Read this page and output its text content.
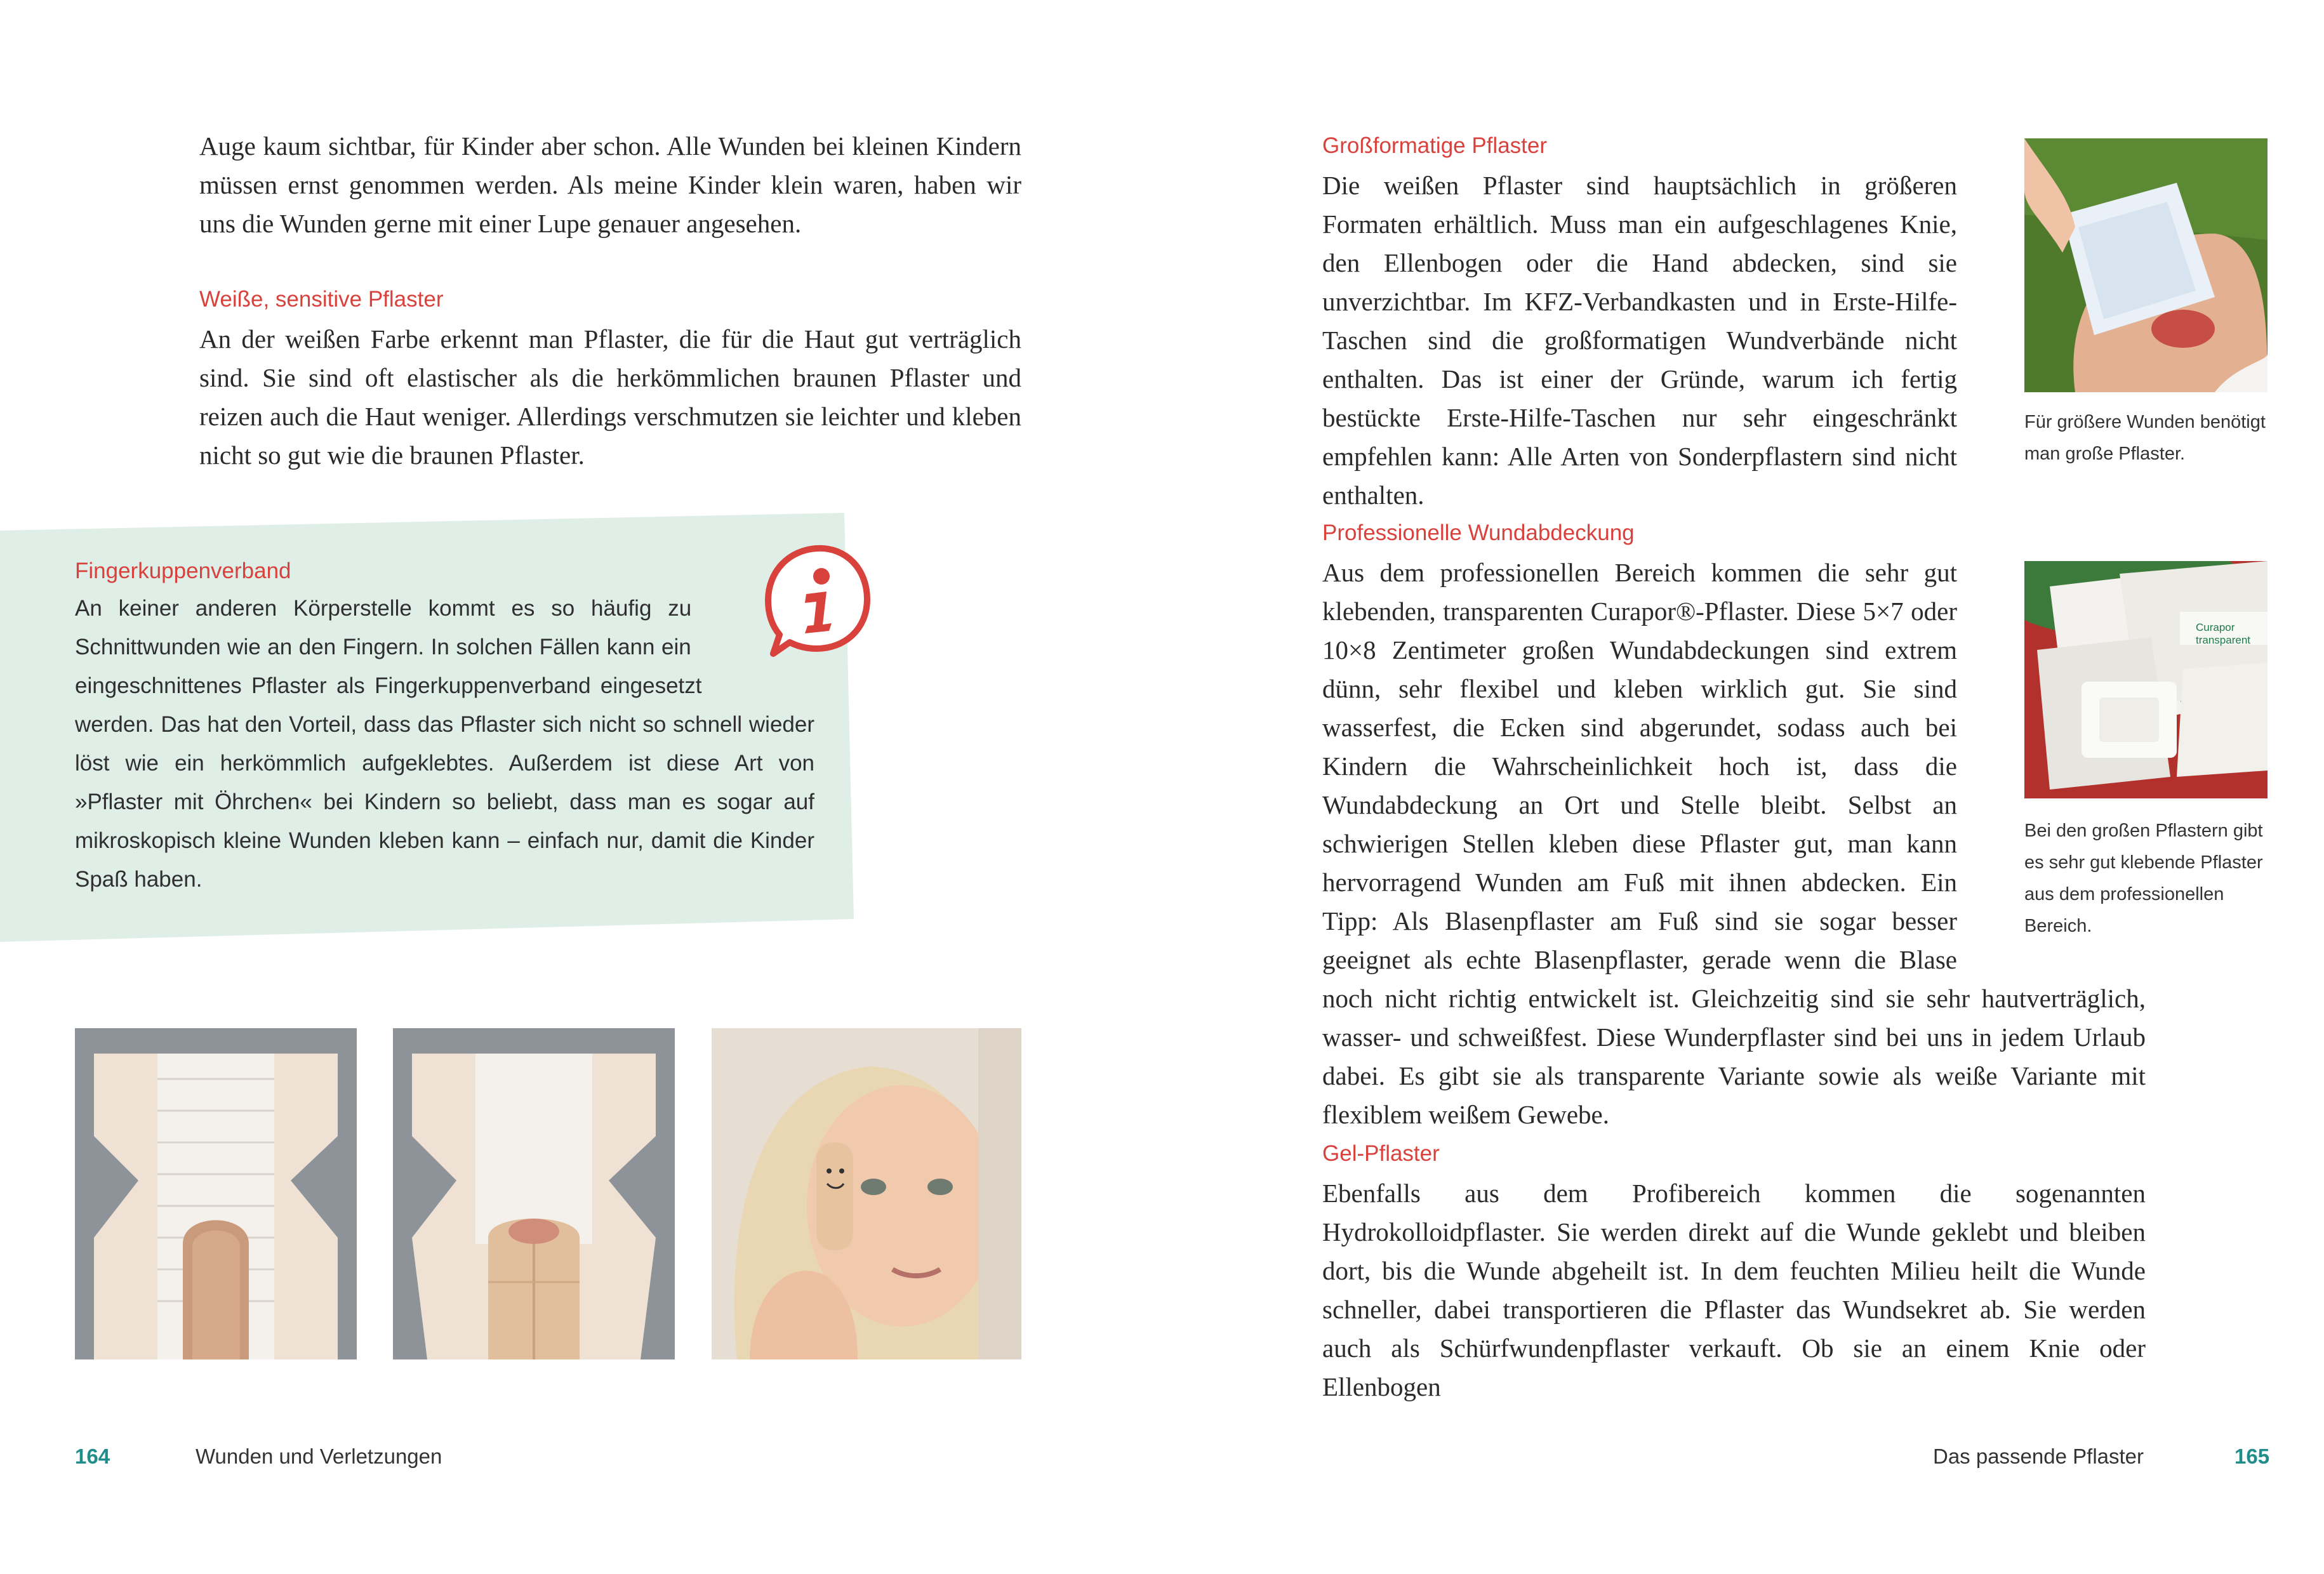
Auge kaum sichtbar, für Kinder aber schon. Alle Wunden bei kleinen Kindern müssen ernst genommen werden. Als meine Kinder klein waren, haben wir uns die Wunden gerne mit einer Lupe genauer angesehen.

Weiße, sensitive Pflaster

An der weißen Farbe erkennt man Pflaster, die für die Haut gut verträglich sind. Sie sind oft elastischer als die herkömmlichen braunen Pflaster und reizen auch die Haut weniger. Allerdings verschmutzen sie leichter und kleben nicht so gut wie die braunen Pflaster.

Fingerkuppenverband

An keiner anderen Körperstelle kommt es so häufig zu Schnittwunden wie an den Fingern. In solchen Fällen kann ein eingeschnittenes Pflaster als Fingerkuppenverband eingesetzt werden. Das hat den Vorteil, dass das Pflaster sich nicht so schnell wieder löst wie ein herkömmlich aufgeklebtes. Außerdem ist diese Art von »Pflaster mit Öhrchen« bei Kindern so beliebt, dass man es sogar auf mikroskopisch kleine Wunden kleben kann – einfach nur, damit die Kinder Spaß haben.

164	Wunden und Verletzungen

Großformatige Pflaster

Die weißen Pflaster sind hauptsächlich in größeren Formaten erhältlich. Muss man ein aufgeschlagenes Knie, den Ellenbogen oder die Hand abdecken, sind sie unverzichtbar. Im KFZ-Verbandkasten und in Erste-Hilfe-Taschen sind die großformatigen Wundverbände nicht enthalten. Das ist einer der Gründe, warum ich fertig bestückte Erste-Hilfe-Taschen nur sehr eingeschränkt empfehlen kann: Alle Arten von Sonderpflastern sind nicht enthalten.

Für größere Wunden benötigt man große Pflaster.

Professionelle Wundabdeckung

Aus dem professionellen Bereich kommen die sehr gut klebenden, transparenten Curapor®-Pflaster. Diese 5×7 oder 10×8 Zentimeter großen Wundabdeckungen sind extrem dünn, sehr flexibel und kleben wirklich gut. Sie sind wasserfest, die Ecken sind abgerundet, sodass auch bei Kindern die Wahrscheinlichkeit hoch ist, dass die Wundabdeckung an Ort und Stelle bleibt. Selbst an schwierigen Stellen kleben diese Pflaster gut, man kann hervorragend Wunden am Fuß mit ihnen abdecken. Ein Tipp: Als Blasenpflaster am Fuß sind sie sogar besser geeignet als echte Blasenpflaster, gerade wenn die Blase noch nicht richtig entwickelt ist. Gleichzeitig sind sie sehr hautverträglich, wasser- und schweißfest. Diese Wunderpflaster sind bei uns in jedem Urlaub dabei. Es gibt sie als transparente Variante sowie als weiße Variante mit flexiblem weißem Gewebe.

Curapor
transparent

Bei den großen Pflastern gibt es sehr gut klebende Pflaster aus dem professionellen Bereich.

Gel-Pflaster

Ebenfalls aus dem Profibereich kommen die sogenannten Hydrokolloidpflaster. Sie werden direkt auf die Wunde geklebt und bleiben dort, bis die Wunde abgeheilt ist. In dem feuchten Milieu heilt die Wunde schneller, dabei transportieren die Pflaster das Wundsekret ab. Sie werden auch als Schürfwundenpflaster verkauft. Ob sie an einem Knie oder Ellenbogen

Das passende Pflaster	165
